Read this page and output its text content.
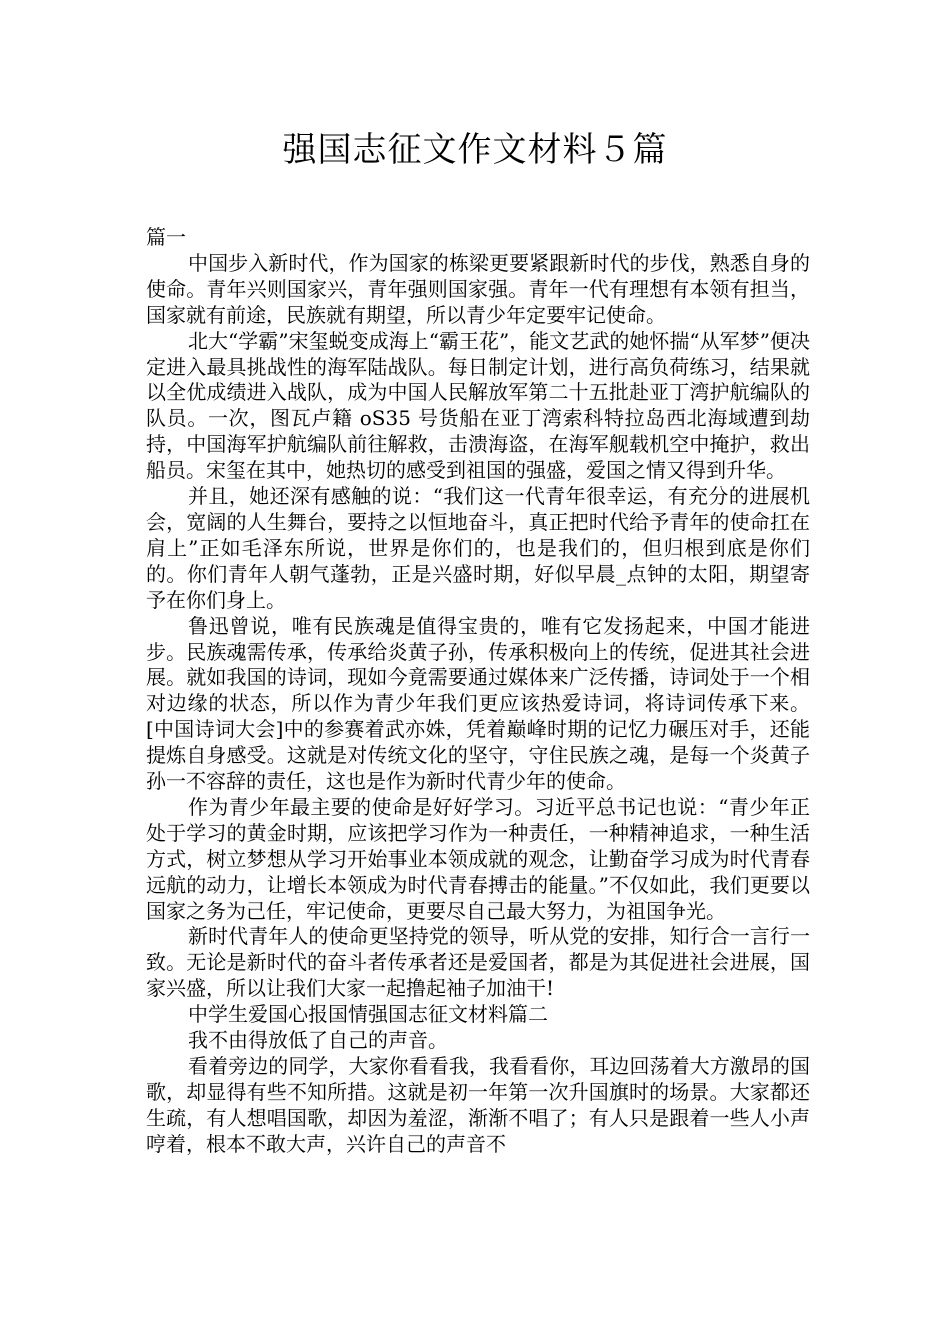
强国志征文作文材料５篇

篇一

中国步入新时代，作为国家的栋梁更要紧跟新时代的步伐，熟悉自身的使命。青年兴则国家兴，青年强则国家强。青年一代有理想有本领有担当，国家就有前途，民族就有期望，所以青少年定要牢记使命。

北大“学霸”宋玺蜕变成海上“霸王花”，能文艺武的她怀揣“从军梦”便决定进入最具挑战性的海军陆战队。每日制定计划，进行高负荷练习，结果就以全优成绩进入战队，成为中国人民解放军第二十五批赴亚丁湾护航编队的队员。一次，图瓦卢籍 oS35 号货船在亚丁湾索科特拉岛西北海域遭到劫持，中国海军护航编队前往解救，击溃海盗，在海军舰载机空中掩护，救出船员。宋玺在其中，她热切的感受到祖国的强盛，爱国之情又得到升华。

并且，她还深有感触的说：“我们这一代青年很幸运，有充分的进展机会，宽阔的人生舞台，要持之以恒地奋斗，真正把时代给予青年的使命扛在肩上”正如毛泽东所说，世界是你们的，也是我们的，但归根到底是你们的。你们青年人朝气蓬勃，正是兴盛时期，好似早晨_点钟的太阳，期望寄予在你们身上。

鲁迅曾说，唯有民族魂是值得宝贵的，唯有它发扬起来，中国才能进步。民族魂需传承，传承给炎黄子孙，传承积极向上的传统，促进其社会进展。就如我国的诗词，现如今竟需要通过媒体来广泛传播，诗词处于一个相对边缘的状态，所以作为青少年我们更应该热爱诗词，将诗词传承下来。[中国诗词大会]中的参赛着武亦姝，凭着巅峰时期的记忆力碾压对手，还能提炼自身感受。这就是对传统文化的坚守，守住民族之魂，是每一个炎黄子孙一不容辞的责任，这也是作为新时代青少年的使命。

作为青少年最主要的使命是好好学习。习近平总书记也说：“青少年正处于学习的黄金时期，应该把学习作为一种责任，一种精神追求，一种生活方式，树立梦想从学习开始事业本领成就的观念，让勤奋学习成为时代青春远航的动力，让增长本领成为时代青春搏击的能量。”不仅如此，我们更要以国家之务为己任，牢记使命，更要尽自己最大努力，为祖国争光。

新时代青年人的使命更坚持党的领导，听从党的安排，知行合一言行一致。无论是新时代的奋斗者传承者还是爱国者，都是为其促进社会进展，国家兴盛，所以让我们大家一起撸起袖子加油干!

中学生爱国心报国情强国志征文材料篇二

我不由得放低了自己的声音。

看着旁边的同学，大家你看看我，我看看你，耳边回荡着大方激昂的国歌，却显得有些不知所措。这就是初一年第一次升国旗时的场景。大家都还生疏，有人想唱国歌，却因为羞涩，渐渐不唱了；有人只是跟着一些人小声哼着，根本不敢大声，兴许自己的声音不
